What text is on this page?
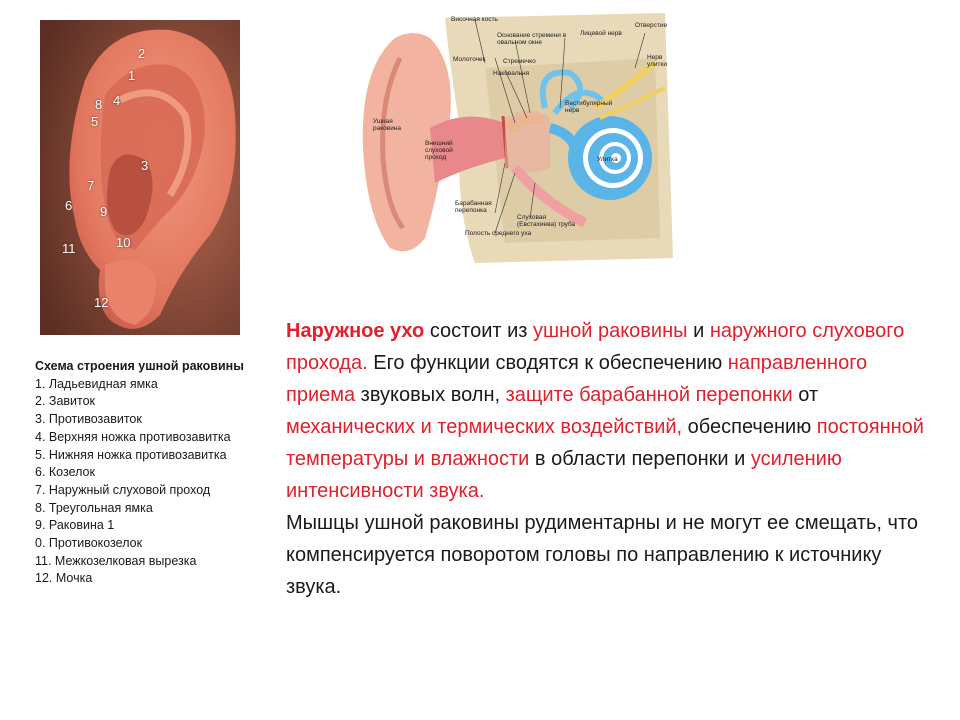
2
1
4
8
5
3
7
6 9
11	10
12
Височная кость
Основание стремени в овальном окне
Лицевой нерв
Отверстие
Молоточек	Стремечко
Наковальня
Нерв улитки
Ушная раковина
Вестибулярный нерв
Внешний слуховой проход	Улитка
Барабанная перепонка
Слуховая (Евстахиева) труба
Полость среднего уха
Схема строения ушной раковины
1. Ладьевидная ямка
2. Завиток
3. Противозавиток
4. Верхняя ножка противозавитка
5. Нижняя ножка противозавитка
6. Козелок
7. Наружный слуховой проход
8. Треугольная ямка
9. Раковина 1
0. Противокозелок
11. Межкозелковая вырезка
12. Мочка
Наружное ухо состоит из ушной раковины и наружного слухового прохода. Его функции сводятся к обеспечению направленного приема звуковых волн, защите барабанной перепонки от механических и термических воздействий, обеспечению постоянной температуры и влажности в области перепонки и усилению интенсивности звука.
Мышцы ушной раковины рудиментарны и не могут ее смещать, что компенсируется поворотом головы по направлению к источнику звука.
